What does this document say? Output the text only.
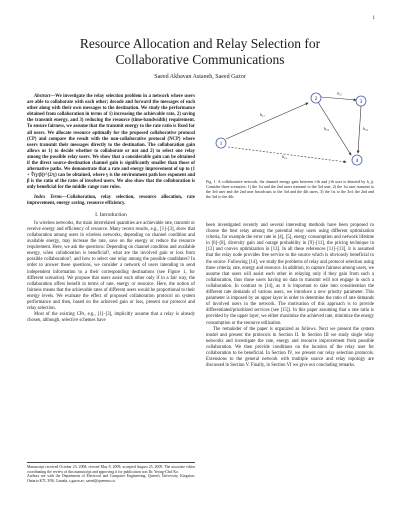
1
Resource Allocation and Relay Selection for
Collaborative Communications
Saeed Akhavan Astaneh, Saeed Gazor

Abstract—We investigate the relay selection problem in a network where users are able to collaborate with each other; decode and forward the messages of each other along with their own messages to the destination. We study the performance obtained from collaboration in terms of 1) increasing the achievable rate, 2) saving the transmit energy, and 3) reducing the resource (time-bandwidth) requirement. To ensure fairness, we assume that the transmit energy to the rate ratio is fixed for all users. We allocate resource optimally for the proposed collaborative protocol (CP) and compare the result with the non-collaborative protocol (NCP) where users transmit their messages directly to the destination. The collaboration gain allows us 1) to decide whether to collaborate or not and 2) to select one relay among the possible relay users. We show that a considerable gain can be obtained if the direct source-destination channel gain is significantly smaller than those of alternative paths. We demonstrate that a rate and energy improvement of up to (1 + ∜(γ/β))^(2/γ) can be obtained, where γ is the environment path loss exponent and β is the ratio of the rates of involved users. We also show that the collaboration is only beneficial for the middle range rate rules.

Index Terms—Collaboration, relay selection, resource allocation, rate improvement, energy saving, resource efficiency.

I. Introduction

In wireless networks, the main interrelated quantities are achievable rate, transmit or receive energy and efficiency of resource. Many recent results, e.g., [1]–[3], show that collaboration among users in wireless networks, depending on channel condition and available energy, may increase the rate, save on the energy or reduce the resource requirement. Here, we ask the questions: Depending on channel condition and available energy, when collaboration is beneficial?, what are the involved gain or loss from possible collaboration?, and how to select one relay among the possible candidates? In order to answer these questions, we consider a network of users intending to send independent information to a their corresponding destinations (see Figure 1, for different scenarios). We propose that users assist each other only if in a fair way, the collaboration offers benefit in terms of rate, energy or resource. Here, the notion of fairness means that the achievable rates of different users would be proportional to their energy levels. We evaluate the effect of proposed collaboration protocol on system performance and then, based on the achieved gain or loss, present our protocol and relay selection.

Most of the existing CPs, e.g., [1]–[3], implicitly assume that a relay is already chosen, although, selective schemes have

Manuscript received October 23, 2008; revised May 8, 2009; accepted August 25, 2009. The associate editor coordinating the review of this manuscript and approving it for publication was Dr. Yeong-Chol Ko.
Authors are with the Department of Electrical and Computer Engineering, Queen's University, Kingston, Ontario K7L 3N6, Canada, s.gazor.ac; saeed@queensu.ca.
2
3
1
4
h₂₃
h₁₂
h₁₄
h₂₄	h₃₄
Fig. 1. A collaborative network, the channel energy gain between i-th and j-th user is denoted by h_ij. Consider three scenarios: 1) the 1st and the 2nd users transmit to the 3rd user, 2) the 1st user transmit to the 3rd user and the 2nd user broadcasts to the 3rd and the 4th users, 3) the 1st to the 3rd, the 2nd and the 3rd to the 4th.

been investigated recently and several interesting methods have been proposed to choose the best relay among the potential relay users using different optimization criteria, for example the error rate in [4], [5], energy consumption and network lifetime in [6]–[8], diversity gain and outage probability in [9]–[11], the pricing technique in [12] and convex optimization in [13]. In all these references [11]–[13], it is assumed that the relay node provides free service to the source which is obviously beneficial to the source. Following [14], we study the problems of relay and protocol selection using three criteria; rate, energy and resource. In addition, to capture fairness among users, we assume that users will assist each other in relaying only if they gain from such a collaboration, thus those users having no data to transmit will not engage in such a collaboration. In contrast to [14], as it is important to take into consideration the different rate demands of various users, we introduce a new priority parameter. This parameter is imposed by an upper layer in order to determine the ratio of rate demands of involved users in the network. The motivation of this approach is to provide differentiated/prioritized services (see [15]). In this paper assuming that a rate ratio is provided by the upper layer, we either maximize the achieved rate, minimize the energy consumption or the resource utilization.

The remainder of the paper is organized as follows. Next we present the system model and present the protocols in Section II. In Section III we study single relay networks and investigate the rate, energy and resource improvement from possible collaboration. We then provide conditions on the location of the relay user for collaboration to be beneficial. In Section IV, we present our relay selection protocols. Extensions to the general network with multiple source and relay topology are discussed in Section V. Finally, in Section VI we give our concluding remarks.
